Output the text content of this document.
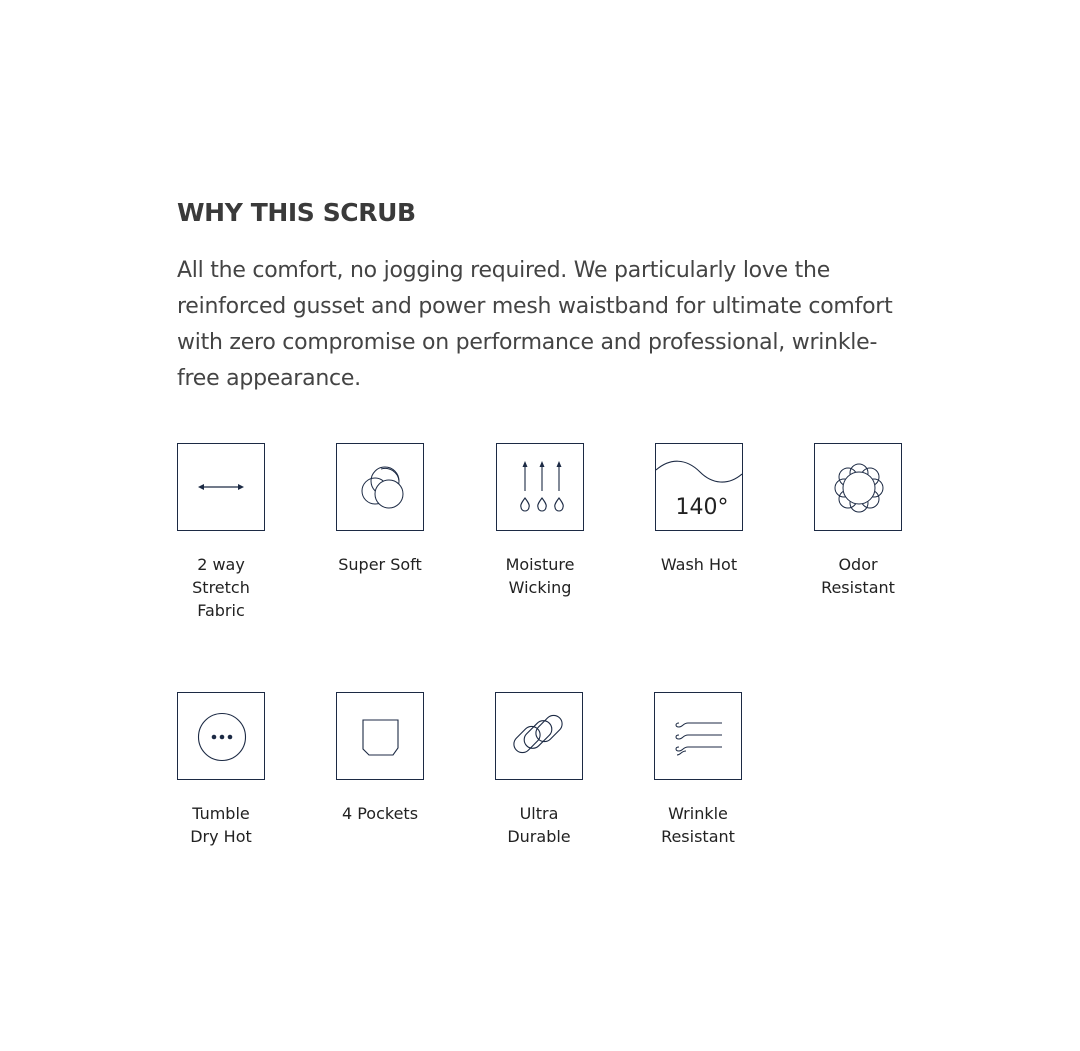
WHY THIS SCRUB

All the comfort, no jogging required. We particularly love the reinforced gusset and power mesh waistband for ultimate comfort with zero compromise on performance and professional, wrinkle-free appearance.

2 way
Stretch
Fabric
Super Soft	Moisture
Wicking
140°
Wash Hot	Odor
Resistant
Tumble
Dry Hot
4 Pockets	Ultra
Durable
Wrinkle
Resistant
